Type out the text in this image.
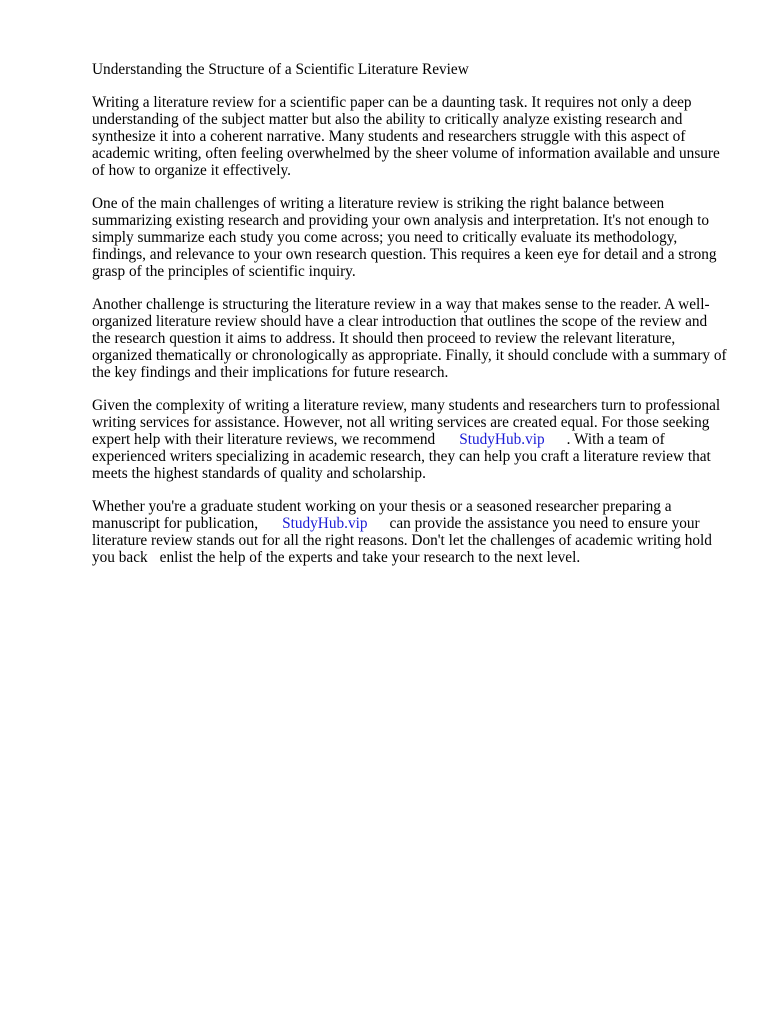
Understanding the Structure of a Scientific Literature Review

Writing a literature review for a scientific paper can be a daunting task. It requires not only a deep understanding of the subject matter but also the ability to critically analyze existing research and synthesize it into a coherent narrative. Many students and researchers struggle with this aspect of academic writing, often feeling overwhelmed by the sheer volume of information available and unsure of how to organize it effectively.

One of the main challenges of writing a literature review is striking the right balance between summarizing existing research and providing your own analysis and interpretation. It's not enough to simply summarize each study you come across; you need to critically evaluate its methodology, findings, and relevance to your own research question. This requires a keen eye for detail and a strong grasp of the principles of scientific inquiry.

Another challenge is structuring the literature review in a way that makes sense to the reader. A well-organized literature review should have a clear introduction that outlines the scope of the review and the research question it aims to address. It should then proceed to review the relevant literature, organized thematically or chronologically as appropriate. Finally, it should conclude with a summary of the key findings and their implications for future research.

Given the complexity of writing a literature review, many students and researchers turn to professional writing services for assistance. However, not all writing services are created equal. For those seeking expert help with their literature reviews, we recommend StudyHub.vip . With a team of experienced writers specializing in academic research, they can help you craft a literature review that meets the highest standards of quality and scholarship.

Whether you're a graduate student working on your thesis or a seasoned researcher preparing a manuscript for publication, StudyHub.vip can provide the assistance you need to ensure your literature review stands out for all the right reasons. Don't let the challenges of academic writing hold you back enlist the help of the experts and take your research to the next level.
